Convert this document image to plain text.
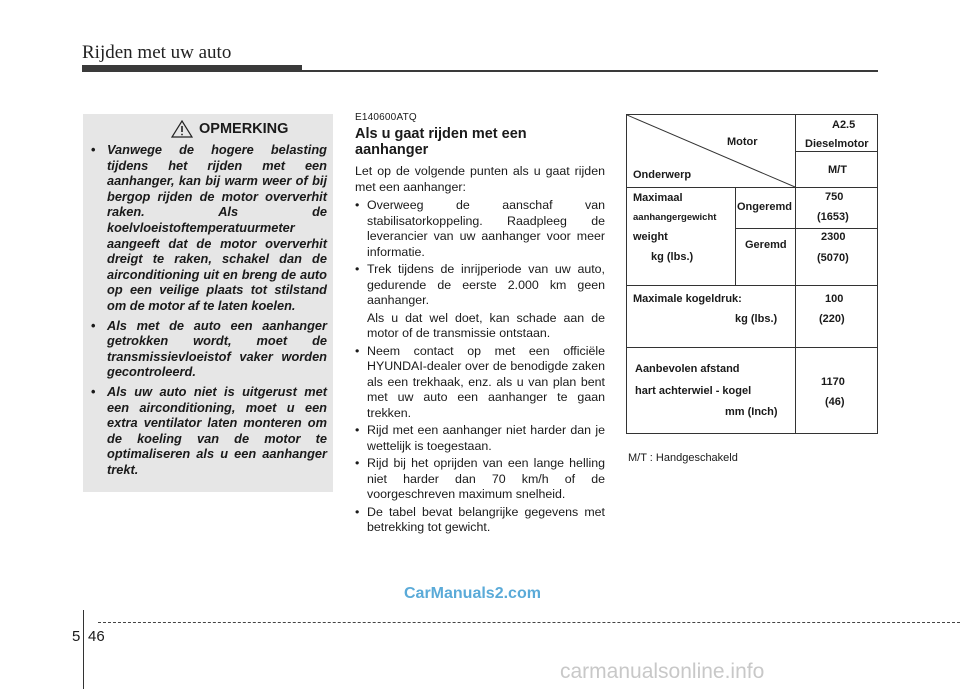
Rijden met uw auto
OPMERKING
• Vanwege de hogere belasting tijdens het rijden met een aanhanger, kan bij warm weer of bij bergop rijden de motor oververhit raken. Als de koelvloeistoftemperatuurmeter aangeeft dat de motor oververhit dreigt te raken, schakel dan de airconditioning uit en breng de auto op een veilige plaats tot stilstand om de motor af te laten koelen.
• Als met de auto een aanhanger getrokken wordt, moet de transmissievloeistof vaker worden gecontroleerd.
• Als uw auto niet is uitgerust met een airconditioning, moet u een extra ventilator laten monteren om de koeling van de motor te optimaliseren als u een aanhanger trekt.
E140600ATQ
Als u gaat rijden met een aanhanger
Let op de volgende punten als u gaat rijden met een aanhanger:
• Overweeg de aanschaf van stabilisatorkoppeling. Raadpleeg de leverancier van uw aanhanger voor meer informatie.
• Trek tijdens de inrijperiode van uw auto, gedurende de eerste 2.000 km geen aanhanger.

Als u dat wel doet, kan schade aan de motor of de transmissie ontstaan.

• Neem contact op met een officiële HYUNDAI-dealer over de benodigde zaken als een trekhaak, enz. als u van plan bent met uw auto een aanhanger te gaan trekken.
• Rijd met een aanhanger niet harder dan je wettelijk is toegestaan.
• Rijd bij het oprijden van een lange helling niet harder dan 70 km/h of de voorgeschreven maximum snelheid.
• De tabel bevat belangrijke gegevens met betrekking tot gewicht.
Motor
Onderwerp
A2.5
Dieselmotor
M/T
Maximaal
aanhangergewicht
weight
kg (lbs.)
Ongeremd
750
(1653)
Geremd
2300
(5070)
Maximale kogeldruk:
kg (lbs.)
100
(220)
Aanbevolen afstand
hart achterwiel - kogel
mm (Inch)
1170
(46)
M/T : Handgeschakeld
CarManuals2.com
5 46
carmanualsonline.info
